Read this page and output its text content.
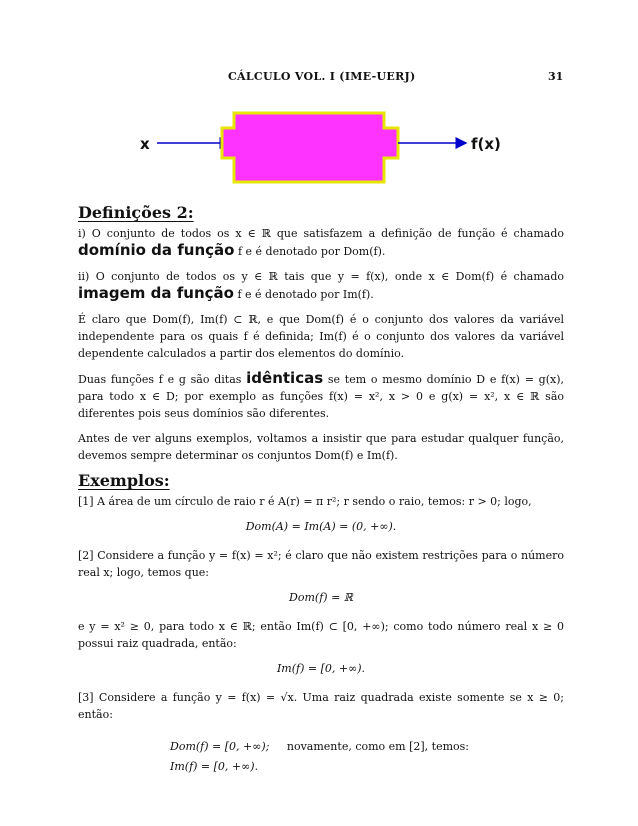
CÁLCULO VOL. I (IME-UERJ)	31
x	f(x)
Definições 2:

i) O conjunto de todos os x ∈ ℝ que satisfazem a definição de função é chamado domínio da função f e é denotado por Dom(f).

ii) O conjunto de todos os y ∈ ℝ tais que y = f(x), onde x ∈ Dom(f) é chamado imagem da função f e é denotado por Im(f).

É claro que Dom(f), Im(f) ⊂ ℝ, e que Dom(f) é o conjunto dos valores da variável independente para os quais f é definida; Im(f) é o conjunto dos valores da variável dependente calculados a partir dos elementos do domínio.

Duas funções f e g são ditas idênticas se tem o mesmo domínio D e f(x) = g(x), para todo x ∈ D; por exemplo as funções f(x) = x², x > 0 e g(x) = x², x ∈ ℝ são diferentes pois seus domínios são diferentes.

Antes de ver alguns exemplos, voltamos a insistir que para estudar qualquer função, devemos sempre determinar os conjuntos Dom(f) e Im(f).

Exemplos:

[1] A área de um círculo de raio r é A(r) = π r²; r sendo o raio, temos: r > 0; logo,

Dom(A) = Im(A) = (0, +∞).

[2] Considere a função y = f(x) = x²; é claro que não existem restrições para o número real x; logo, temos que:

Dom(f) = ℝ

e y = x² ≥ 0, para todo x ∈ ℝ; então Im(f) ⊂ [0, +∞); como todo número real x ≥ 0 possui raiz quadrada, então:

Im(f) = [0, +∞).

[3] Considere a função y = f(x) = √x. Uma raiz quadrada existe somente se x ≥ 0; então:

Dom(f) = [0, +∞); novamente, como em [2], temos:
Im(f) = [0, +∞).
